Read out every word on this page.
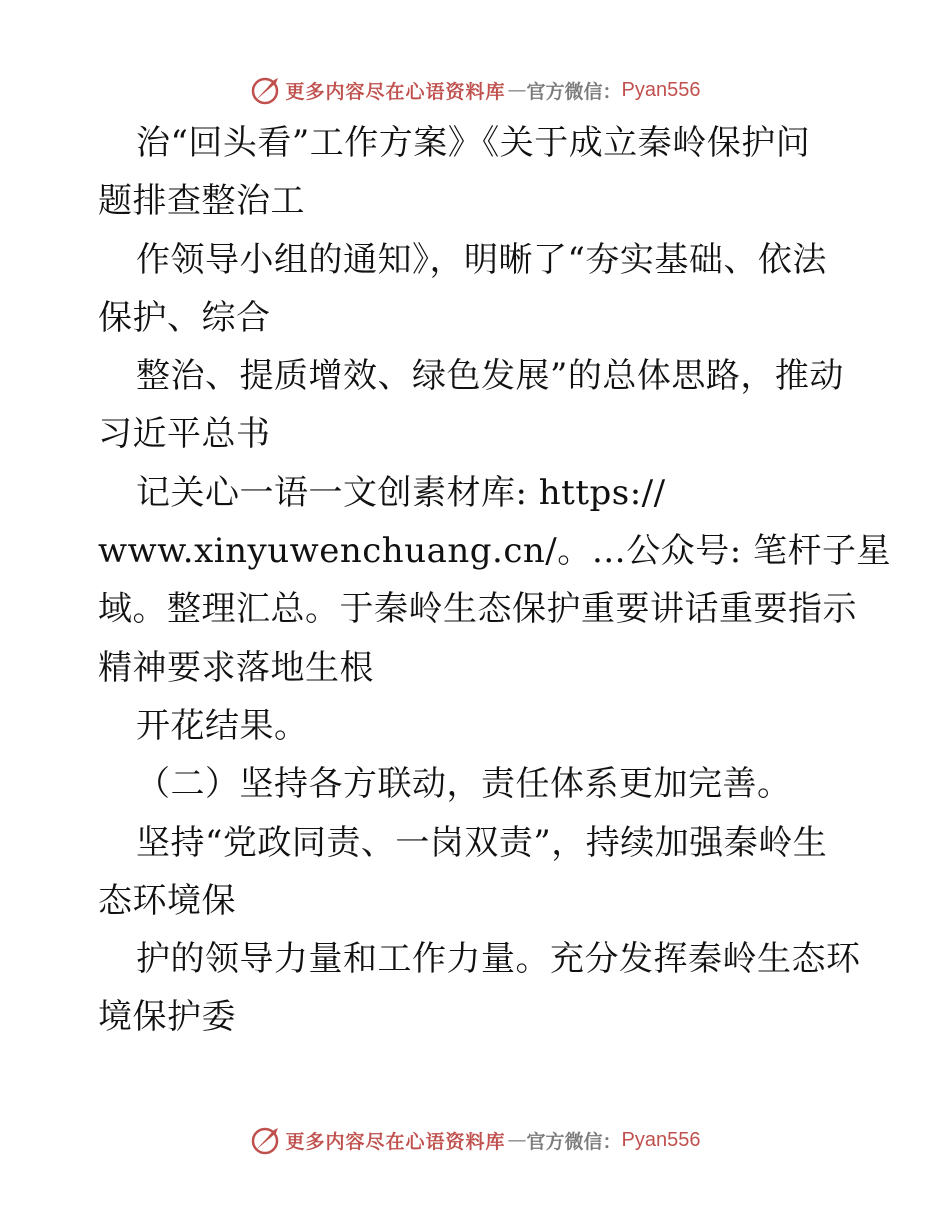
更多内容尽在心语资料库 — 官方微信： Pyan556
治“回头看”工作方案》《关于成立秦岭保护问
题排查整治工
作领导小组的通知》，明晰了“夯实基础、依法
保护、综合
整治、提质增效、绿色发展”的总体思路，推动
习近平总书
记关心一语一文创素材库: https://
www.xinyuwenchuang.cn/。…公众号: 笔杆子星
域。整理汇总。于秦岭生态保护重要讲话重要指示
精神要求落地生根
开花结果。
（二）坚持各方联动，责任体系更加完善。
坚持“党政同责、一岗双责”，持续加强秦岭生
态环境保
护的领导力量和工作力量。充分发挥秦岭生态环
境保护委
更多内容尽在心语资料库 — 官方微信： Pyan556
